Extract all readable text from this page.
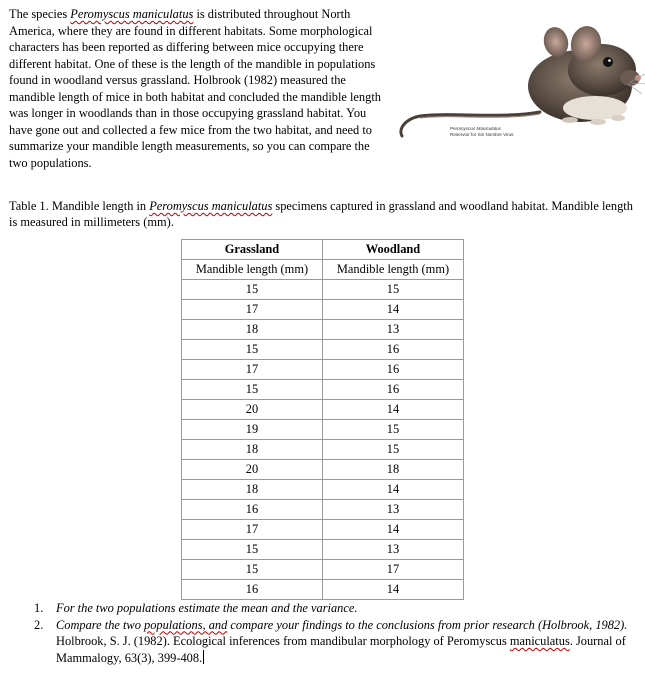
The species Peromyscus maniculatus is distributed throughout North America, where they are found in different habitats. Some morphological characters has been reported as differing between mice occupying there different habitat. One of these is the length of the mandible in populations found in woodland versus grassland. Holbrook (1982) measured the mandible length of mice in both habitat and concluded the mandible length was longer in woodlands than in those occupying grassland habitat. You have gone out and collected a few mice from the two habitat, and need to summarize your mandible length measurements, so you can compare the two populations.

Peromyscus Maniculatus
Reservoir for Sin Nombre Virus
Table 1. Mandible length in Peromyscus maniculatus specimens captured in grassland and woodland habitat. Mandible length is measured in millimeters (mm).
Grassland	Woodland
Mandible length (mm)	Mandible length (mm)
15	15
17	14
18	13
15	16
17	16
15	16
20	14
19	15
18	15
20	18
18	14
16	13
17	14
15	13
15	17
16	14
1. For the two populations estimate the mean and the variance.
2. Compare the two populations, and compare your findings to the conclusions from prior research (Holbrook, 1982). Holbrook, S. J. (1982). Ecological inferences from mandibular morphology of Peromyscus maniculatus. Journal of Mammalogy, 63(3), 399-408.
